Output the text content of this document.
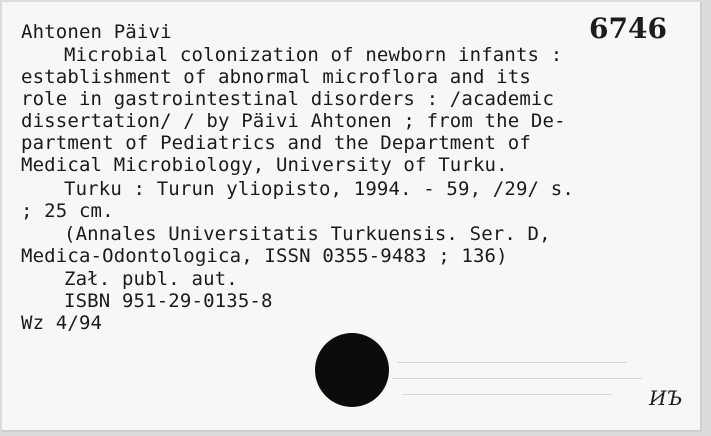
Ahtonen Päivi	6746
Microbial colonization of newborn infants :
establishment of abnormal microflora and its
role in gastrointestinal disorders : /academic
dissertation/ / by Päivi Ahtonen ; from the De-
partment of Pediatrics and the Department of
Medical Microbiology, University of Turku.
Turku : Turun yliopisto, 1994. - 59, /29/ s.
; 25 cm.
(Annales Universitatis Turkuensis. Ser. D,
Medica-Odontologica, ISSN 0355-9483 ; 136)
Zał. publ. aut.
ISBN 951-29-0135-8
Wz 4/94
ИЪ
